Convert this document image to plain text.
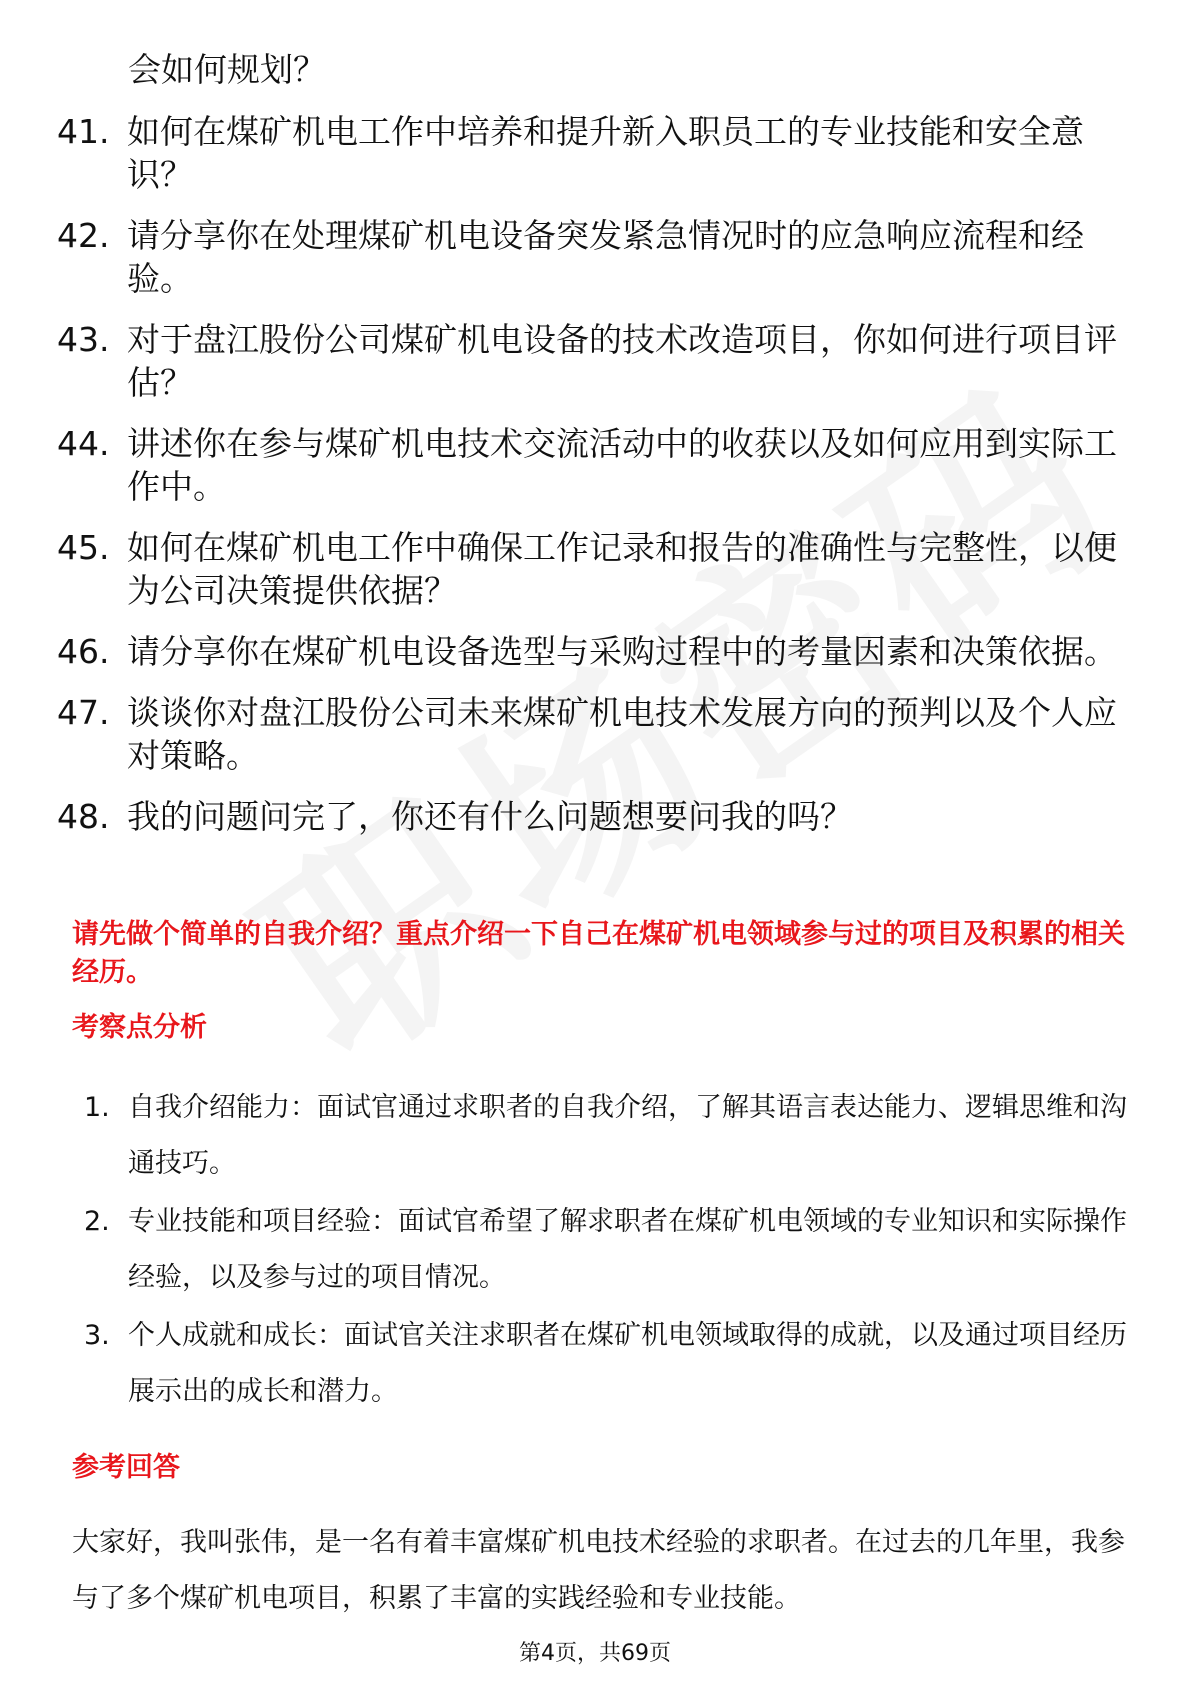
会如何规划？
41. 如何在煤矿机电工作中培养和提升新入职员工的专业技能和安全意识？
42. 请分享你在处理煤矿机电设备突发紧急情况时的应急响应流程和经验。
43. 对于盘江股份公司煤矿机电设备的技术改造项目，你如何进行项目评估？
44. 讲述你在参与煤矿机电技术交流活动中的收获以及如何应用到实际工作中。
45. 如何在煤矿机电工作中确保工作记录和报告的准确性与完整性，以便为公司决策提供依据？
46. 请分享你在煤矿机电设备选型与采购过程中的考量因素和决策依据。
47. 谈谈你对盘江股份公司未来煤矿机电技术发展方向的预判以及个人应对策略。
48. 我的问题问完了，你还有什么问题想要问我的吗？
请先做个简单的自我介绍？重点介绍一下自己在煤矿机电领域参与过的项目及积累的相关经历。
考察点分析
1. 自我介绍能力：面试官通过求职者的自我介绍，了解其语言表达能力、逻辑思维和沟通技巧。
2. 专业技能和项目经验：面试官希望了解求职者在煤矿机电领域的专业知识和实际操作经验，以及参与过的项目情况。
3. 个人成就和成长：面试官关注求职者在煤矿机电领域取得的成就，以及通过项目经历展示出的成长和潜力。
参考回答
大家好，我叫张伟，是一名有着丰富煤矿机电技术经验的求职者。在过去的几年里，我参与了多个煤矿机电项目，积累了丰富的实践经验和专业技能。
第4页，共69页
